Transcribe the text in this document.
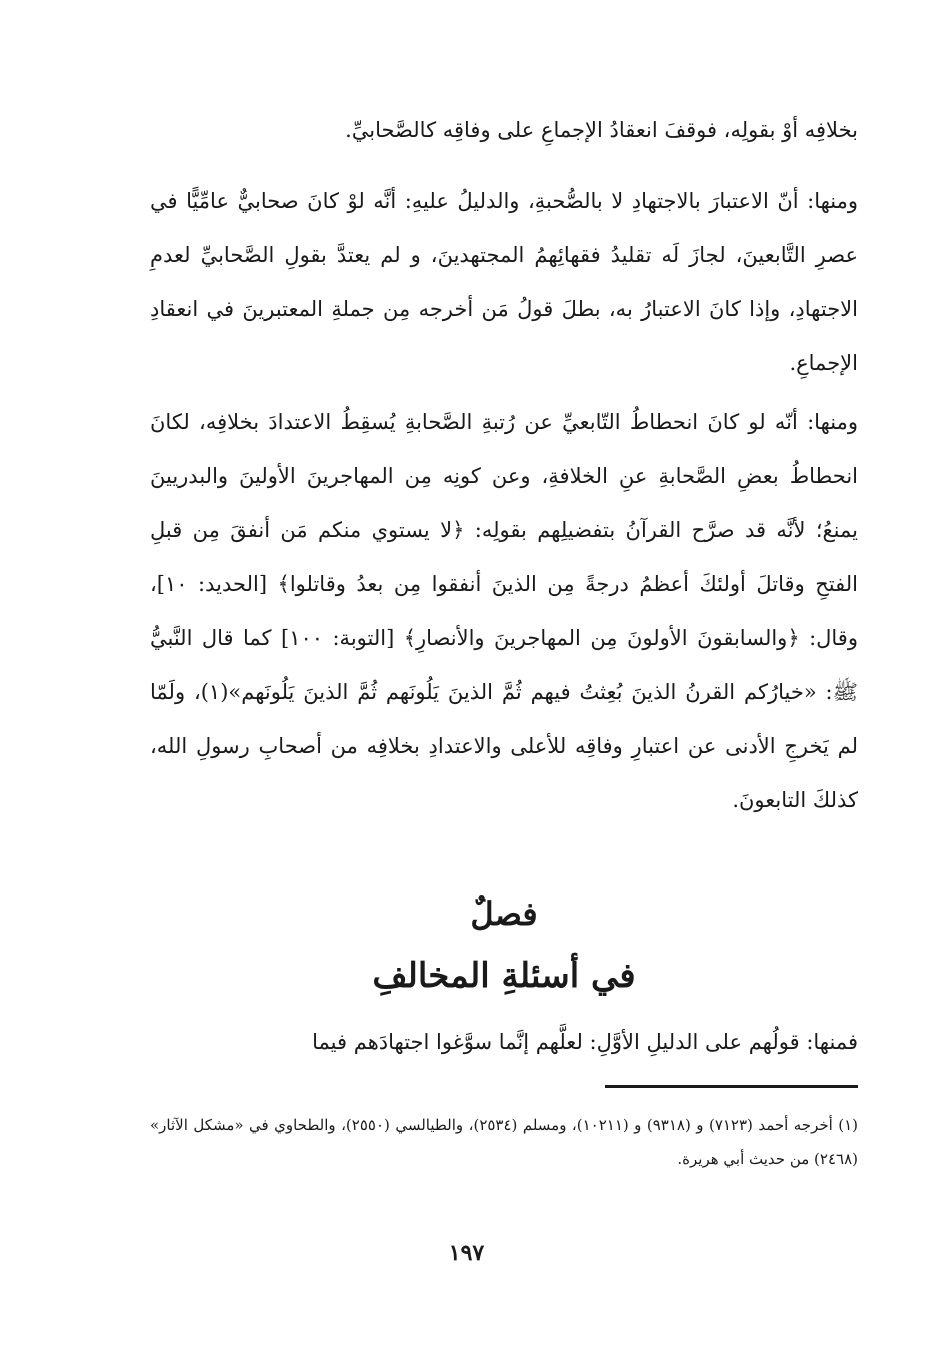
بخلافِه أوْ بقولِه، فوقفَ انعقادُ الإجماعِ على وفاقِه كالصَّحابيِّ.

ومنها: أنّ الاعتبارَ بالاجتهادِ لا بالصُّحبةِ، والدليلُ عليهِ: أنَّه لوْ كانَ صحابيٌّ عامِّيًّا في عصرِ التَّابعينَ، لجازَ لَه تقليدُ فقهائِهمُ المجتهدينَ، و لم يعتدَّ بقولِ الصَّحابيِّ لعدمِ الاجتهادِ، وإذا كانَ الاعتبارُ به، بطلَ قولُ مَن أخرجه مِن جملةِ المعتبرينَ في انعقادِ الإجماعِ.

ومنها: أنّه لو كانَ انحطاطُ التّابعيِّ عن رُتبةِ الصَّحابةِ يُسقِطُ الاعتدادَ بخلافِه، لكانَ انحطاطُ بعضِ الصَّحابةِ عنِ الخلافةِ، وعن كونِه مِن المهاجرينَ الأولينَ والبدريينَ يمنعُ؛ لأنَّه قد صرَّح القرآنُ بتفضيلِهم بقولِه: ﴿لا يستوي منكم مَن أنفقَ مِن قبلِ الفتحِ وقاتلَ أولئكَ أعظمُ درجةً مِن الذينَ أنفقوا مِن بعدُ وقاتلوا﴾ [الحديد: ١٠]، وقال: ﴿والسابقونَ الأولونَ مِن المهاجرينَ والأنصارِ﴾ [التوبة: ١٠٠] كما قال النَّبيُّ ﷺ: «خيارُكم القرنُ الذينَ بُعِثتُ فيهم ثُمَّ الذينَ يَلُونَهم ثُمَّ الذينَ يَلُونَهم»(١)، ولَمّا لم يَخرجِ الأدنى عن اعتبارِ وفاقِه للأعلى والاعتدادِ بخلافِه من أصحابِ رسولِ الله، كذلكَ التابعونَ.

فصلٌ
في أسئلةِ المخالفِ

فمنها: قولُهم على الدليلِ الأوَّلِ: لعلَّهم إنَّما سوَّغوا اجتهادَهم فيما

(١) أخرجه أحمد (٧١٢٣) و (٩٣١٨) و (١٠٢١١)، ومسلم (٢٥٣٤)، والطيالسي (٢٥٥٠)، والطحاوي في «مشكل الآثار» (٢٤٦٨) من حديث أبي هريرة.

١٩٧
